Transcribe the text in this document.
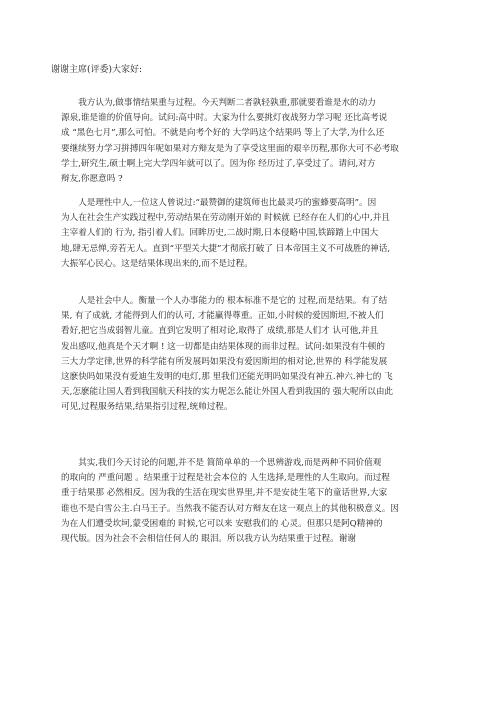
谢谢主席(评委)大家好:
　　我方认为,做事情结果重与过程。今天判断二者孰轻孰重,那就要看谁是水的动力
源泉,谁是谁的价值导向。试问:高中时。大家为什么要挑灯夜战努力学习呢 还比高考说
成 “黑色七月”,那么可怕。不就是向考个好的 大学吗这个结果吗 等上了大学,为什么还
要继续努力学习拼搏四年呢如果对方辩友是为了享受这里面的艰辛历程,那你大可不必考取
学士,研究生,硕士啊上完大学四年就可以了。因为你 经历过了,享受过了。请问,对方
辩友,你愿意吗 ?
　　人是理性中人,一位这人曾说过:“最赞御的建筑师也比最灵巧的蜜蜂要高明”。因
为人在社会生产实践过程中,劳动结果在劳动刚开始的 时候就 已经存在人们的心中,并且
主宰着人们的 行为, 指引着人们。回眸历史,二战时期,日本侵略中国,铁蹄踏上中国大
地,肆无忌惮,旁若无人。直到“平型关大捷”才彻底打破了 日本帝国主义不可战胜的神话,
大振军心民心。这是结果体现出来的,而不是过程。
　　人是社会中人。衡量一个人办事能力的 根本标准不是它的 过程,而是结果。有了结
果, 有了成就, 才能得到人们的认可, 才能赢得尊重。正如,小时候的爱因斯坦,不被人们
看好,把它当成弱智儿童。直到它发明了相对论,取得了 成绩,那是人们才 认可他,并且
发出感叹,他真是个天才啊 ! 这一切都是由结果体现的而非过程。试问:如果没有牛顿的
三大力学定律,世界的科学能有所发展吗如果没有爱因斯坦的相对论,世界的 科学能发展
这麽快吗如果没有爱迪生发明的电灯,那 里我们还能光明吗如果没有神五.神六.神七的 飞
天,怎麽能让国人看到我国航天科技的实力呢怎么能让外国人看到我国的 强大呢所以由此
可见,过程服务结果,结果指引过程,统帅过程。
　　其实,我们今天讨论的问题,并不是 简简单单的一个思辨游戏,而是两种不同价值观
的取向的 严重问题 。结果重于过程是社会本位的 人生选择,是理性的人生取向。而过程
重于结果那 必然相反。因为我的生活在现实世界里,并不是安徒生笔下的童话世界,大家
谁也不是白雪公主.白马王子。当然我不能否认对方辩友在这一观点上的其他积极意义。因
为在人们遭受坎坷,蒙受困难的 时候,它可以来 安慰我们的 心灵。但那只是阿Q精神的
现代版。因为社会不会相信任何人的 眼泪。所以我方认为结果重于过程。谢谢
